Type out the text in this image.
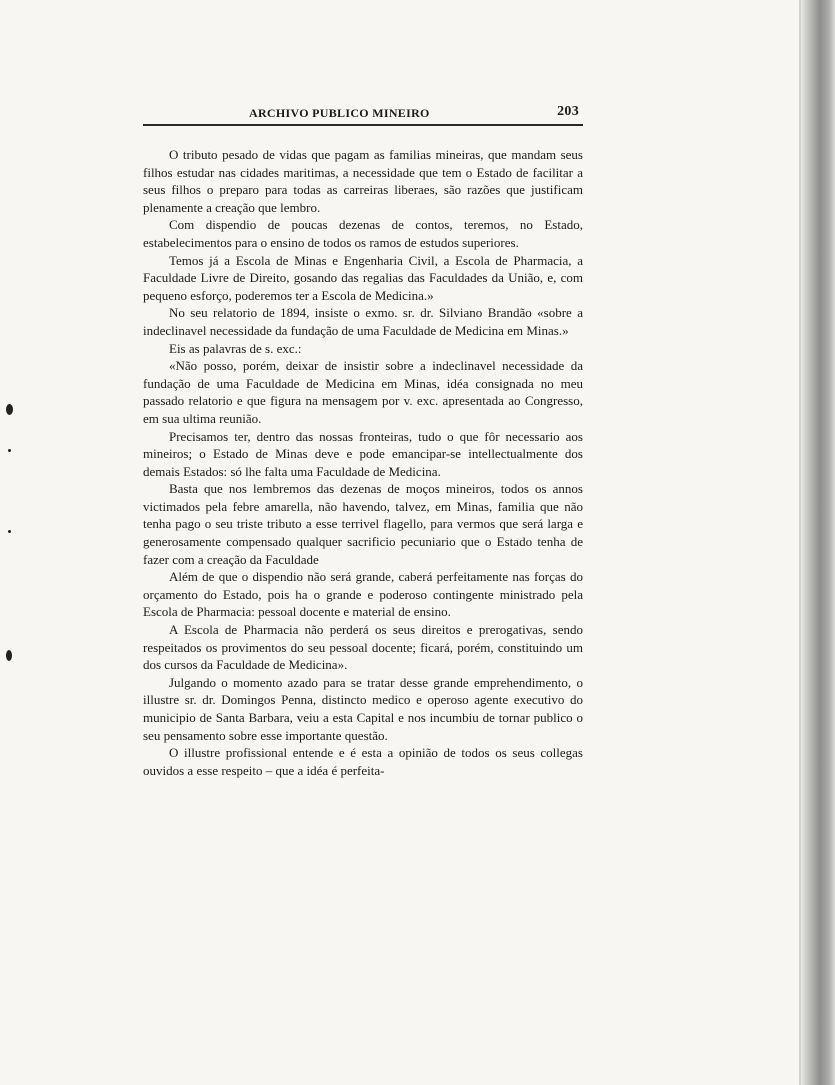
ARCHIVO PUBLICO MINEIRO	203

O tributo pesado de vidas que pagam as familias mineiras, que mandam seus filhos estudar nas cidades maritimas, a necessidade que tem o Estado de facilitar a seus filhos o preparo para todas as carreiras liberaes, são razões que justificam plenamente a creação que lembro.

Com dispendio de poucas dezenas de contos, teremos, no Estado, estabelecimentos para o ensino de todos os ramos de estudos superiores.

Temos já a Escola de Minas e Engenharia Civil, a Escola de Pharmacia, a Faculdade Livre de Direito, gosando das regalias das Faculdades da União, e, com pequeno esforço, poderemos ter a Escola de Medicina.»

No seu relatorio de 1894, insiste o exmo. sr. dr. Silviano Brandão «sobre a indeclinavel necessidade da fundação de uma Faculdade de Medicina em Minas.»

Eis as palavras de s. exc.:

«Não posso, porém, deixar de insistir sobre a indeclinavel necessidade da fundação de uma Faculdade de Medicina em Minas, idéa consignada no meu passado relatorio e que figura na mensagem por v. exc. apresentada ao Congresso, em sua ultima reunião.

Precisamos ter, dentro das nossas fronteiras, tudo o que fôr necessario aos mineiros; o Estado de Minas deve e pode emancipar-se intellectualmente dos demais Estados: só lhe falta uma Faculdade de Medicina.

Basta que nos lembremos das dezenas de moços mineiros, todos os annos victimados pela febre amarella, não havendo, talvez, em Minas, familia que não tenha pago o seu triste tributo a esse terrivel flagello, para vermos que será larga e generosamente compensado qualquer sacrificio pecuniario que o Estado tenha de fazer com a creação da Faculdade

Além de que o dispendio não será grande, caberá perfeitamente nas forças do orçamento do Estado, pois ha o grande e poderoso contingente ministrado pela Escola de Pharmacia: pessoal docente e material de ensino.

A Escola de Pharmacia não perderá os seus direitos e prerogativas, sendo respeitados os provimentos do seu pessoal docente; ficará, porém, constituindo um dos cursos da Faculdade de Medicina».

Julgando o momento azado para se tratar desse grande emprehendimento, o illustre sr. dr. Domingos Penna, distincto medico e operoso agente executivo do municipio de Santa Barbara, veiu a esta Capital e nos incumbiu de tornar publico o seu pensamento sobre esse importante questão.

O illustre profissional entende e é esta a opinião de todos os seus collegas ouvidos a esse respeito – que a idéa é perfeita-
